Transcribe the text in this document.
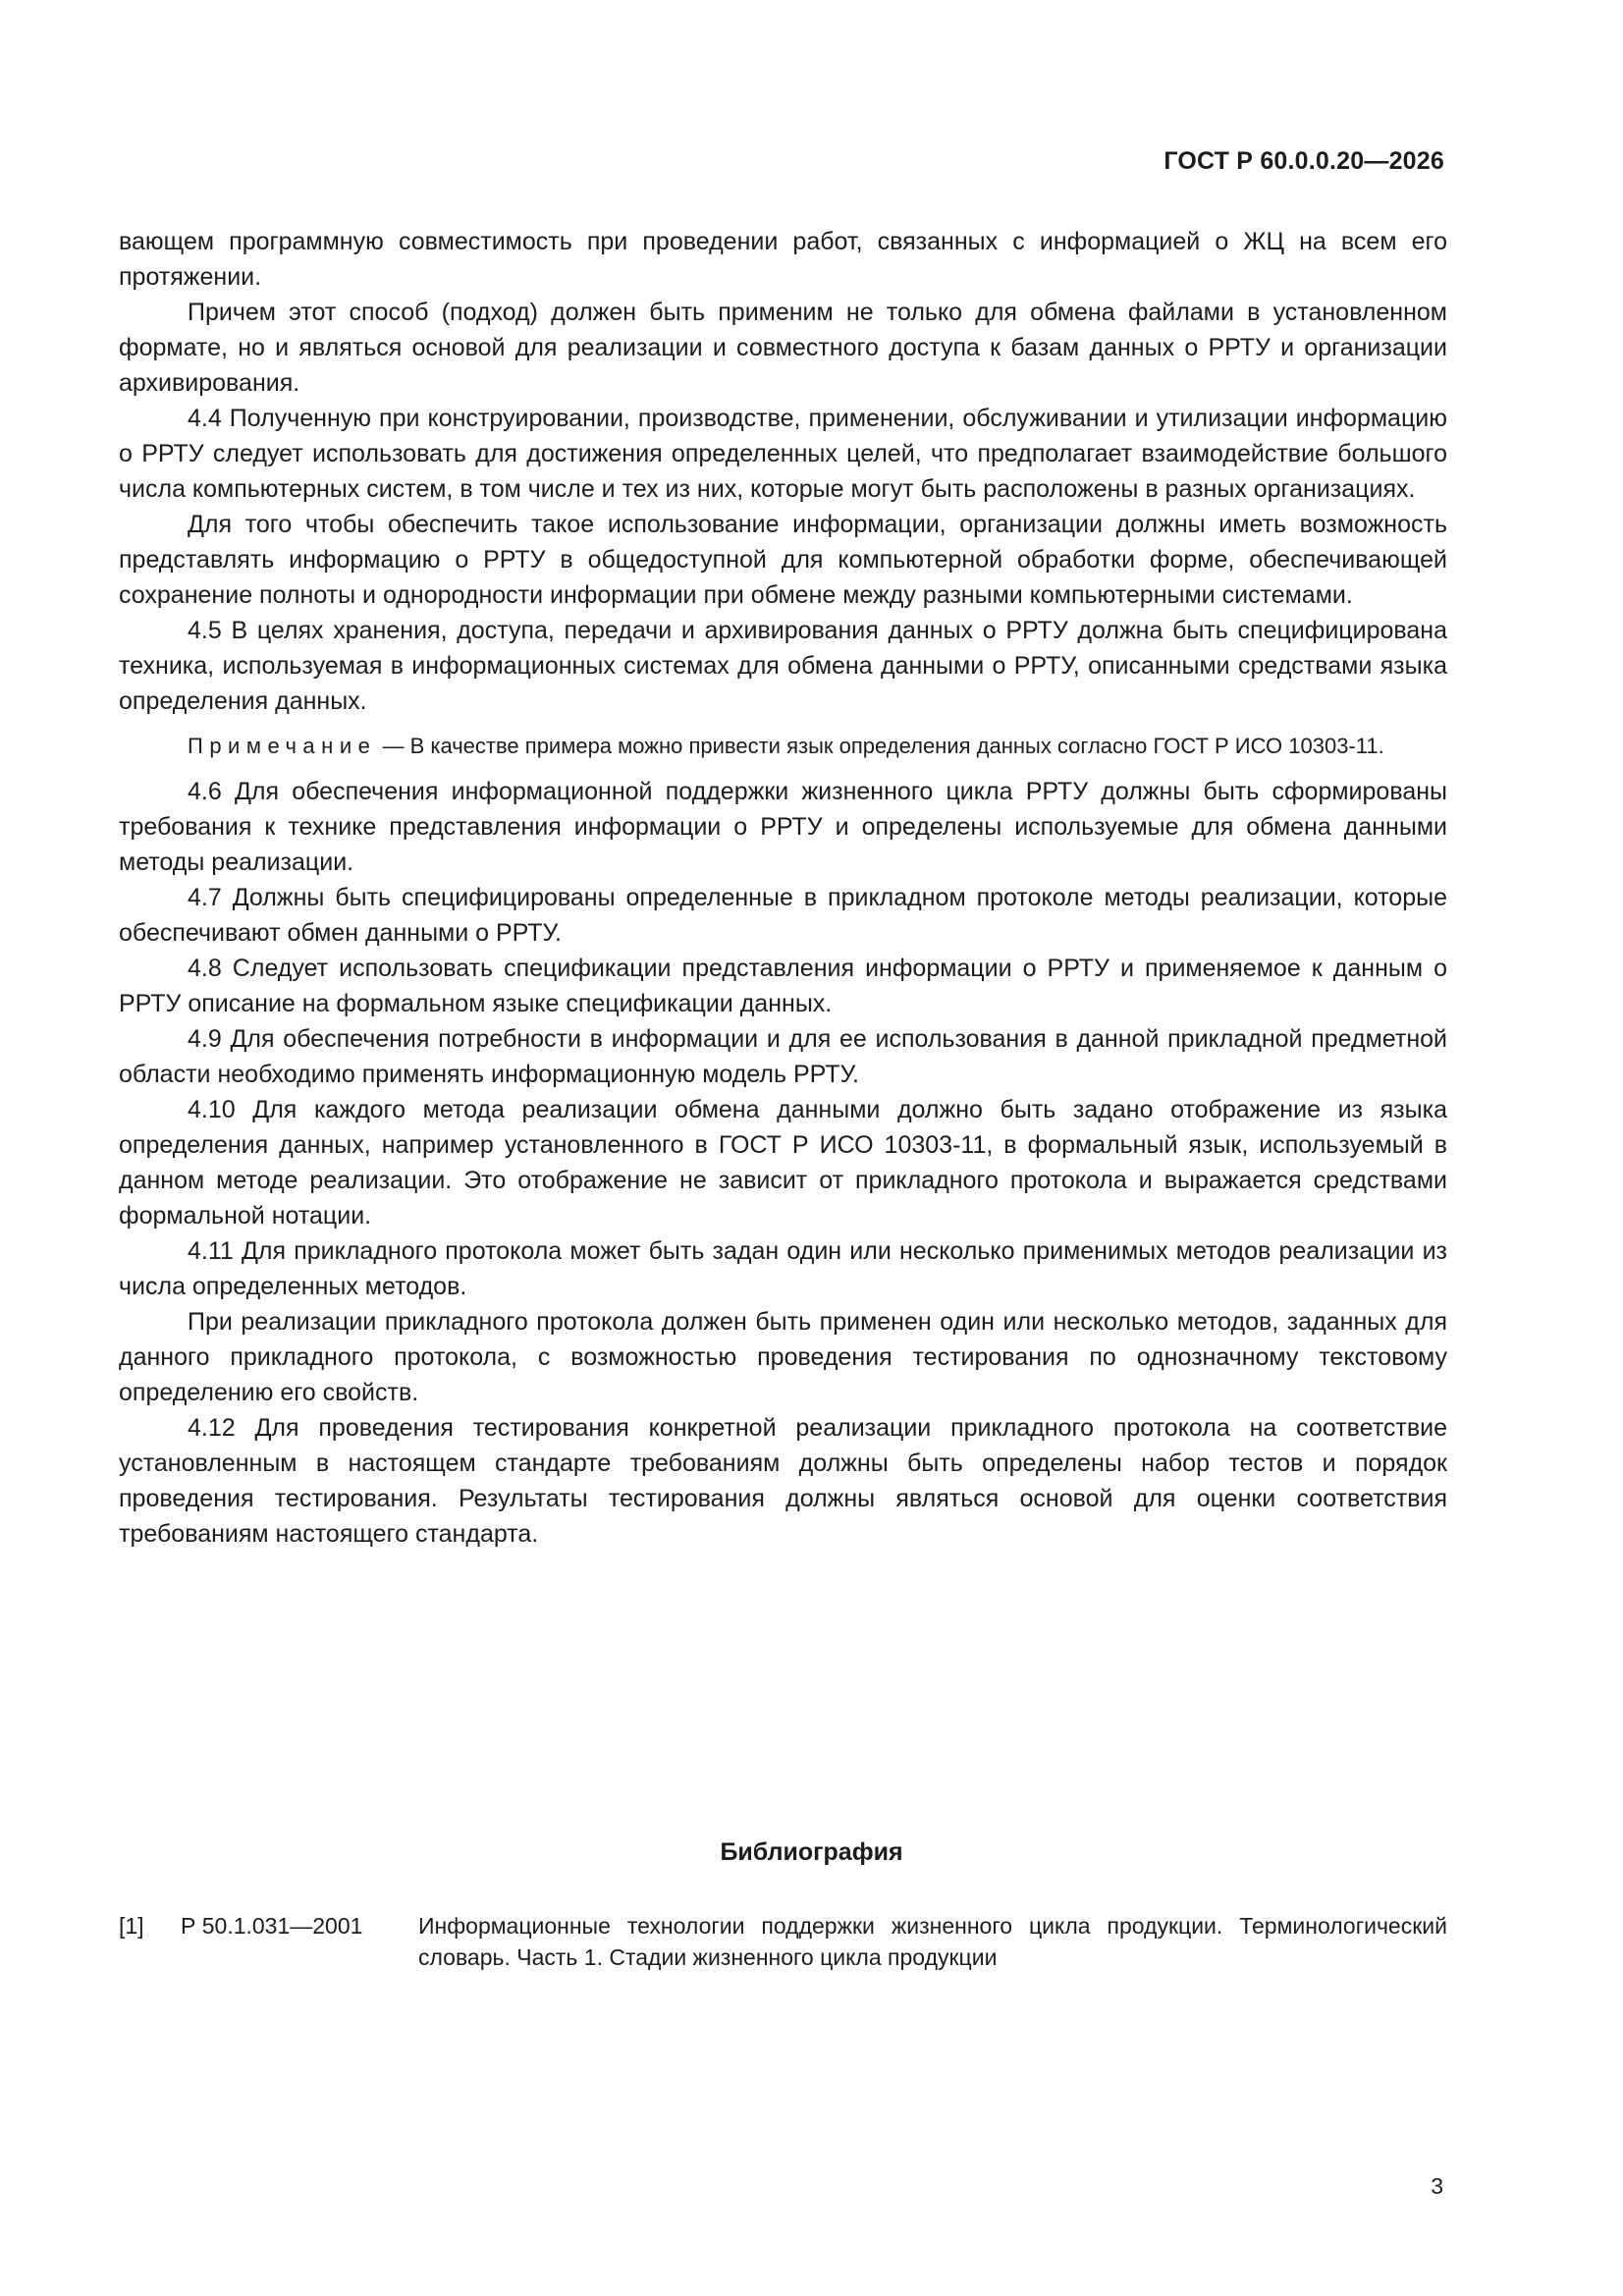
ГОСТ Р 60.0.0.20—2026

вающем программную совместимость при проведении работ, связанных с информацией о ЖЦ на всем его протяжении.

Причем этот способ (подход) должен быть применим не только для обмена файлами в установленном формате, но и являться основой для реализации и совместного доступа к базам данных о РРТУ и организации архивирования.

4.4 Полученную при конструировании, производстве, применении, обслуживании и утилизации информацию о РРТУ следует использовать для достижения определенных целей, что предполагает взаимодействие большого числа компьютерных систем, в том числе и тех из них, которые могут быть расположены в разных организациях.

Для того чтобы обеспечить такое использование информации, организации должны иметь возможность представлять информацию о РРТУ в общедоступной для компьютерной обработки форме, обеспечивающей сохранение полноты и однородности информации при обмене между разными компьютерными системами.

4.5 В целях хранения, доступа, передачи и архивирования данных о РРТУ должна быть специфицирована техника, используемая в информационных системах для обмена данными о РРТУ, описанными средствами языка определения данных.

Примечание — В качестве примера можно привести язык определения данных согласно ГОСТ Р ИСО 10303-11.

4.6 Для обеспечения информационной поддержки жизненного цикла РРТУ должны быть сформированы требования к технике представления информации о РРТУ и определены используемые для обмена данными методы реализации.

4.7 Должны быть специфицированы определенные в прикладном протоколе методы реализации, которые обеспечивают обмен данными о РРТУ.

4.8 Следует использовать спецификации представления информации о РРТУ и применяемое к данным о РРТУ описание на формальном языке спецификации данных.

4.9 Для обеспечения потребности в информации и для ее использования в данной прикладной предметной области необходимо применять информационную модель РРТУ.

4.10 Для каждого метода реализации обмена данными должно быть задано отображение из языка определения данных, например установленного в ГОСТ Р ИСО 10303-11, в формальный язык, используемый в данном методе реализации. Это отображение не зависит от прикладного протокола и выражается средствами формальной нотации.

4.11 Для прикладного протокола может быть задан один или несколько применимых методов реализации из числа определенных методов.

При реализации прикладного протокола должен быть применен один или несколько методов, заданных для данного прикладного протокола, с возможностью проведения тестирования по однозначному текстовому определению его свойств.

4.12 Для проведения тестирования конкретной реализации прикладного протокола на соответствие установленным в настоящем стандарте требованиям должны быть определены набор тестов и порядок проведения тестирования. Результаты тестирования должны являться основой для оценки соответствия требованиям настоящего стандарта.

Библиография
[1] Р 50.1.031—2001 Информационные технологии поддержки жизненного цикла продукции. Терминологический словарь. Часть 1. Стадии жизненного цикла продукции
3
